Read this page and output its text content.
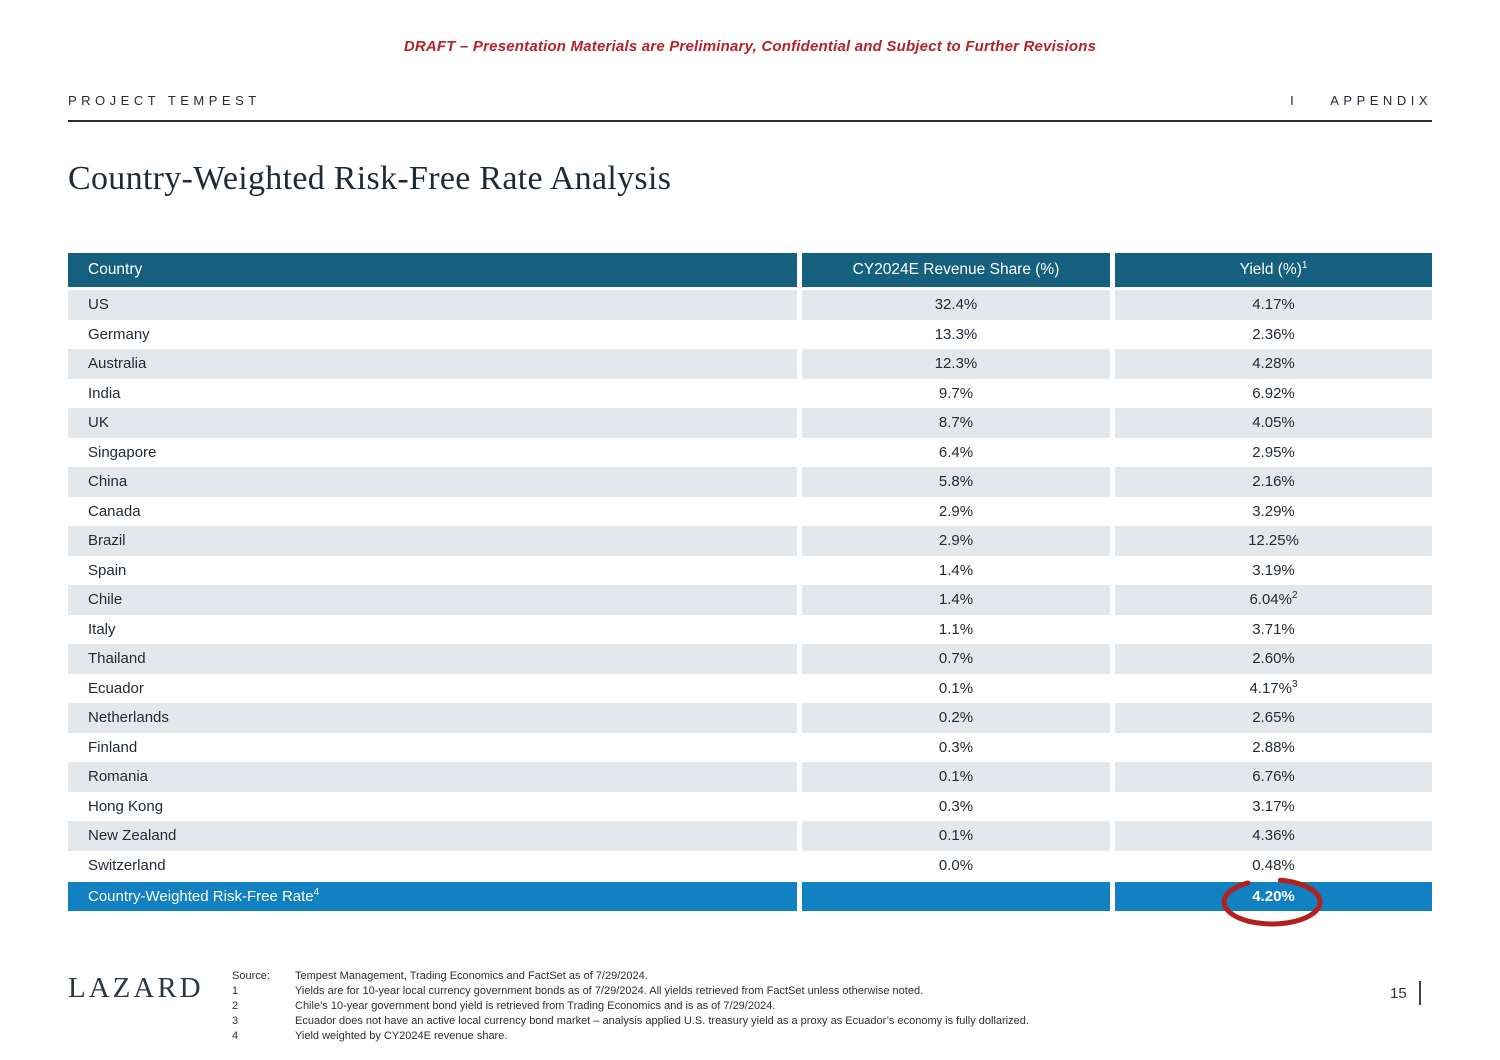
DRAFT – Presentation Materials are Preliminary, Confidential and Subject to Further Revisions
PROJECT TEMPEST	I APPENDIX
Country-Weighted Risk-Free Rate Analysis
Country	CY2024E Revenue Share (%)	Yield (%)$^1$
US	32.4%	4.17%
Germany	13.3%	2.36%
Australia	12.3%	4.28%
India	9.7%	6.92%
UK	8.7%	4.05%
Singapore	6.4%	2.95%
China	5.8%	2.16%
Canada	2.9%	3.29%
Brazil	2.9%	12.25%
Spain	1.4%	3.19%
Chile	1.4%	6.04%$^2$
Italy	1.1%	3.71%
Thailand	0.7%	2.60%
Ecuador	0.1%	4.17%$^3$
Netherlands	0.2%	2.65%
Finland	0.3%	2.88%
Romania	0.1%	6.76%
Hong Kong	0.3%	3.17%
New Zealand	0.1%	4.36%
Switzerland	0.0%	0.48%
Country-Weighted Risk-Free Rate$^4$		4.20%
LAZARD	Source:	Tempest Management, Trading Economics and FactSet as of 7/29/2024.
1	Yields are for 10-year local currency government bonds as of 7/29/2024. All yields retrieved from FactSet unless otherwise noted.
2	Chile’s 10-year government bond yield is retrieved from Trading Economics and is as of 7/29/2024.
3	Ecuador does not have an active local currency bond market – analysis applied U.S. treasury yield as a proxy as Ecuador’s economy is fully dollarized.
4	Yield weighted by CY2024E revenue share.
15
